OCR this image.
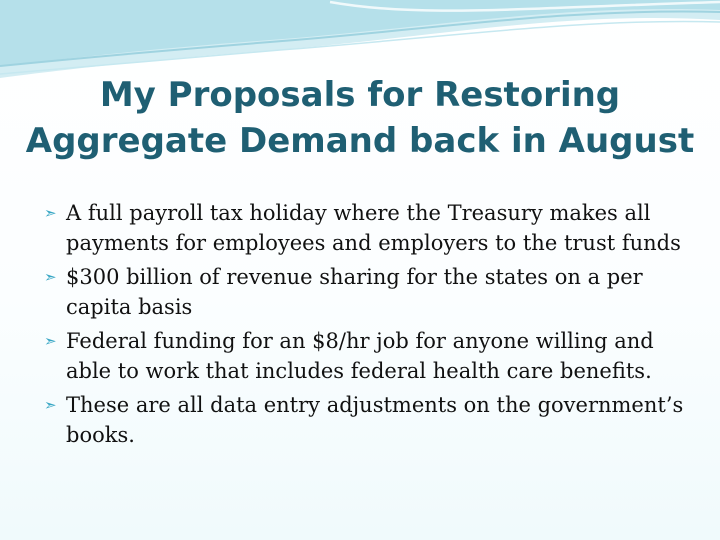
My Proposals for Restoring
Aggregate Demand back in August
➣ A full payroll tax holiday where the Treasury makes all payments for employees and employers to the trust funds
➣ $300 billion of revenue sharing for the states on a per capita basis
➣ Federal funding for an $8/hr job for anyone willing and able to work that includes federal health care benefits.
➣ These are all data entry adjustments on the government’s books.
